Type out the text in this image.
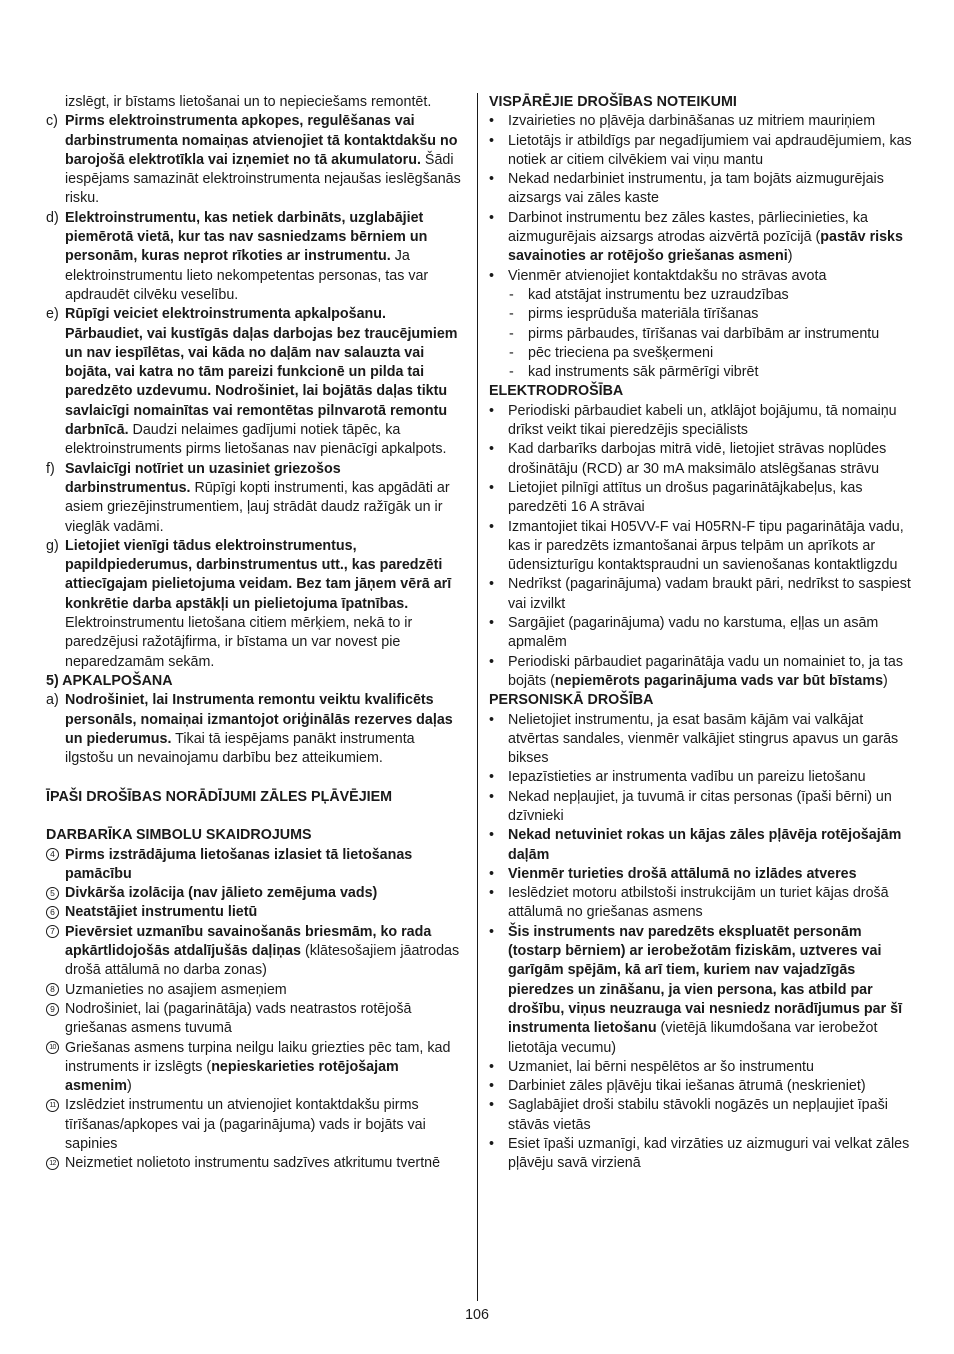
izslēgt, ir bīstams lietošanai un to nepieciešams remontēt.
c) Pirms elektroinstrumenta apkopes, regulēšanas vai darbinstrumenta nomaiņas atvienojiet tā kontaktdakšu no barojošā elektrotīkla vai izņemiet no tā akumulatoru. Šādi iespējams samazināt elektroinstrumenta nejaušas ieslēgšanās risku.
d) Elektroinstrumentu, kas netiek darbināts, uzglabājiet piemērotā vietā, kur tas nav sasniedzams bērniem un personām, kuras neprot rīkoties ar instrumentu. Ja elektroinstrumentu lieto nekompetentas personas, tas var apdraudēt cilvēku veselību.
e) Rūpīgi veiciet elektroinstrumenta apkalpošanu. Pārbaudiet, vai kustīgās daļas darbojas bez traucējumiem un nav iespīlētas, vai kāda no daļām nav salauzta vai bojāta, vai katra no tām pareizi funkcionē un pilda tai paredzēto uzdevumu. Nodrošiniet, lai bojātās daļas tiktu savlaicīgi nomainītas vai remontētas pilnvarotā remontu darbnīcā. Daudzi nelaimes gadījumi notiek tāpēc, ka elektroinstruments pirms lietošanas nav pienācīgi apkalpots.
f) Savlaicīgi notīriet un uzasiniet griezošos darbinstrumentus. Rūpīgi kopti instrumenti, kas apgādāti ar asiem griezējinstrumentiem, ļauj strādāt daudz ražīgāk un ir vieglāk vadāmi.
g) Lietojiet vienīgi tādus elektroinstrumentus, papildpiederumus, darbinstrumentus utt., kas paredzēti attiecīgajam pielietojuma veidam. Bez tam jāņem vērā arī konkrētie darba apstākļi un pielietojuma īpatnības. Elektroinstrumentu lietošana citiem mērķiem, nekā to ir paredzējusi ražotājfirma, ir bīstama un var novest pie neparedzamām sekām.
5) APKALPOŠANA
a) Nodrošiniet, lai Instrumenta remontu veiktu kvalificēts personāls, nomaiņai izmantojot oriģinālās rezerves daļas un piederumus. Tikai tā iespējams panākt instrumenta ilgstošu un nevainojamu darbību bez atteikumiem.
ĪPAŠI DROŠĪBAS NORĀDĪJUMI ZĀLES PĻĀVĒJIEM
DARBARĪKA SIMBOLU SKAIDROJUMS
4 Pirms izstrādājuma lietošanas izlasiet tā lietošanas pamācību
5 Divkārša izolācija (nav jālieto zemējuma vads)
6 Neatstājiet instrumentu lietū
7 Pievērsiet uzmanību savainošanās briesmām, ko rada apkārtlidojošās atdalījušās daļiņas (klātesošajiem jāatrodas drošā attālumā no darba zonas)
8 Uzmanieties no asajiem asmeņiem
9 Nodrošiniet, lai (pagarinātāja) vads neatrastos rotējošā griešanas asmens tuvumā
10 Griešanas asmens turpina neilgu laiku griezties pēc tam, kad instruments ir izslēgts (nepieskarieties rotējošajam asmenim)
11 Izslēdziet instrumentu un atvienojiet kontaktdakšu pirms tīrīšanas/apkopes vai ja (pagarinājuma) vads ir bojāts vai sapinies
12 Neizmetiet nolietoto instrumentu sadzīves atkritumu tvertnē
VISPĀRĒJIE DROŠĪBAS NOTEIKUMI
• Izvairieties no pļāvēja darbināšanas uz mitriem mauriņiem
• Lietotājs ir atbildīgs par negadījumiem vai apdraudējumiem, kas notiek ar citiem cilvēkiem vai viņu mantu
• Nekad nedarbiniet instrumentu, ja tam bojāts aizmugurējais aizsargs vai zāles kaste
• Darbinot instrumentu bez zāles kastes, pārliecinieties, ka aizmugurējais aizsargs atrodas aizvērtā pozīcijā (pastāv risks savainoties ar rotējošo griešanas asmeni)
• Vienmēr atvienojiet kontaktdakšu no strāvas avota
- kad atstājat instrumentu bez uzraudzības
- pirms iesprūduša materiāla tīrīšanas
- pirms pārbaudes, tīrīšanas vai darbībām ar instrumentu
- pēc trieciena pa svešķermeni
- kad instruments sāk pārmērīgi vibrēt
ELEKTRODROŠĪBA
• Periodiski pārbaudiet kabeli un, atklājot bojājumu, tā nomaiņu drīkst veikt tikai pieredzējis speciālists
• Kad darbarīks darbojas mitrā vidē, lietojiet strāvas noplūdes drošinātāju (RCD) ar 30 mA maksimālo atslēgšanas strāvu
• Lietojiet pilnīgi attītus un drošus pagarinātājkabeļus, kas paredzēti 16 A strāvai
• Izmantojiet tikai H05VV-F vai H05RN-F tipu pagarinātāja vadu, kas ir paredzēts izmantošanai ārpus telpām un aprīkots ar ūdensizturīgu kontaktspraudni un savienošanas kontaktligzdu
• Nedrīkst (pagarinājuma) vadam braukt pāri, nedrīkst to saspiest vai izvilkt
• Sargājiet (pagarinājuma) vadu no karstuma, eļļas un asām apmalēm
• Periodiski pārbaudiet pagarinātāja vadu un nomainiet to, ja tas bojāts (nepiemērots pagarinājuma vads var būt bīstams)
PERSONISKĀ DROŠĪBA
• Nelietojiet instrumentu, ja esat basām kājām vai valkājat atvērtas sandales, vienmēr valkājiet stingrus apavus un garās bikses
• Iepazīstieties ar instrumenta vadību un pareizu lietošanu
• Nekad nepļaujiet, ja tuvumā ir citas personas (īpaši bērni) un dzīvnieki
• Nekad netuviniet rokas un kājas zāles pļāvēja rotējošajām daļām
• Vienmēr turieties drošā attālumā no izlādes atveres
• Ieslēdziet motoru atbilstoši instrukcijām un turiet kājas drošā attālumā no griešanas asmens
• Šis instruments nav paredzēts ekspluatēt personām (tostarp bērniem) ar ierobežotām fiziskām, uztveres vai garīgām spējām, kā arī tiem, kuriem nav vajadzīgās pieredzes un zināšanu, ja vien persona, kas atbild par drošību, viņus neuzrauga vai nesniedz norādījumus par šī instrumenta lietošanu (vietējā likumdošana var ierobežot lietotāja vecumu)
• Uzmaniet, lai bērni nespēlētos ar šo instrumentu
• Darbiniet zāles pļāvēju tikai iešanas ātrumā (neskrieniet)
• Saglabājiet droši stabilu stāvokli nogāzēs un nepļaujiet īpaši stāvās vietās
• Esiet īpaši uzmanīgi, kad virzāties uz aizmuguri vai velkat zāles pļāvēju savā virzienā
106
